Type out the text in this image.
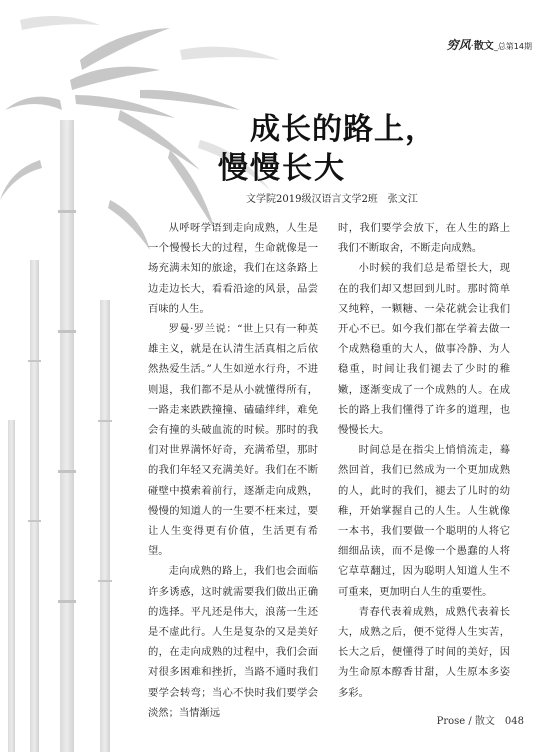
穷风·散文_总第14期
成长的路上，
慢慢长大
文学院2019级汉语言文学2班　张文江

从呼呀学语到走向成熟，人生是一个慢慢长大的过程，生命就像是一场充满未知的旅途，我们在这条路上边走边长大，看看沿途的风景，品尝百味的人生。

罗曼·罗兰说：“世上只有一种英雄主义，就是在认清生活真相之后依然热爱生活。”人生如逆水行舟，不进则退，我们都不是从小就懂得所有，一路走来跌跌撞撞、磕磕绊绊，难免会有撞的头破血流的时候。那时的我们对世界满怀好奇，充满希望，那时的我们年轻又充满美好。我们在不断碰壁中摸索着前行，逐渐走向成熟，慢慢的知道人的一生要不枉来过，要让人生变得更有价值，生活更有希望。

走向成熟的路上，我们也会面临许多诱惑，这时就需要我们做出正确的选择。平凡还是伟大，浪荡一生还是不虚此行。人生是复杂的又是美好的，在走向成熟的过程中，我们会面对很多困难和挫折，当路不通时我们要学会转弯；当心不快时我们要学会淡然；当情渐远

时，我们要学会放下，在人生的路上我们不断取舍，不断走向成熟。

小时候的我们总是希望长大，现在的我们却又想回到儿时。那时简单又纯粹，一颗糖、一朵花就会让我们开心不已。如今我们都在学着去做一个成熟稳重的大人，做事冷静、为人稳重，时间让我们褪去了少时的稚嫩，逐渐变成了一个成熟的人。在成长的路上我们懂得了许多的道理，也慢慢长大。

时间总是在指尖上悄悄流走，蓦然回首，我们已然成为一个更加成熟的人，此时的我们，褪去了儿时的幼稚，开始掌握自己的人生。人生就像一本书，我们要做一个聪明的人将它细细品读，而不是像一个愚蠢的人将它草草翻过，因为聪明人知道人生不可重来，更加明白人生的重要性。

青春代表着成熟，成熟代表着长大，成熟之后，便不觉得人生实苦，长大之后，便懂得了时间的美好，因为生命原本醇香甘甜，人生原本多姿多彩。

Prose / 散文　048
